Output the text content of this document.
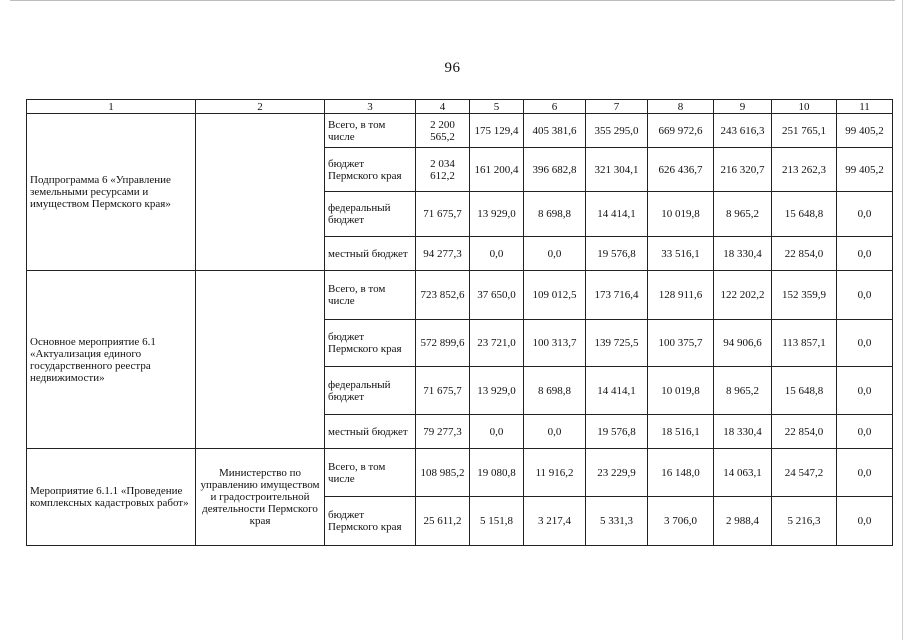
96
1	2	3	4	5	6	7	8	9	10	11
Подпрограмма 6 «Управление земельными ресурсами и имуществом Пермского края»		Всего, в том числе	2 200 565,2	175 129,4	405 381,6	355 295,0	669 972,6	243 616,3	251 765,1	99 405,2
		бюджет Пермского края	2 034 612,2	161 200,4	396 682,8	321 304,1	626 436,7	216 320,7	213 262,3	99 405,2
		федеральный бюджет	71 675,7	13 929,0	8 698,8	14 414,1	10 019,8	8 965,2	15 648,8	0,0
		местный бюджет	94 277,3	0,0	0,0	19 576,8	33 516,1	18 330,4	22 854,0	0,0
Основное мероприятие 6.1 «Актуализация единого государственного реестра недвижимости»		Всего, в том числе	723 852,6	37 650,0	109 012,5	173 716,4	128 911,6	122 202,2	152 359,9	0,0
		бюджет Пермского края	572 899,6	23 721,0	100 313,7	139 725,5	100 375,7	94 906,6	113 857,1	0,0
		федеральный бюджет	71 675,7	13 929,0	8 698,8	14 414,1	10 019,8	8 965,2	15 648,8	0,0
		местный бюджет	79 277,3	0,0	0,0	19 576,8	18 516,1	18 330,4	22 854,0	0,0
Мероприятие 6.1.1 «Проведение комплексных кадастровых работ»	Министерство по управлению имуществом и градостроительной деятельности Пермского края	Всего, в том числе	108 985,2	19 080,8	11 916,2	23 229,9	16 148,0	14 063,1	24 547,2	0,0
		бюджет Пермского края	25 611,2	5 151,8	3 217,4	5 331,3	3 706,0	2 988,4	5 216,3	0,0
